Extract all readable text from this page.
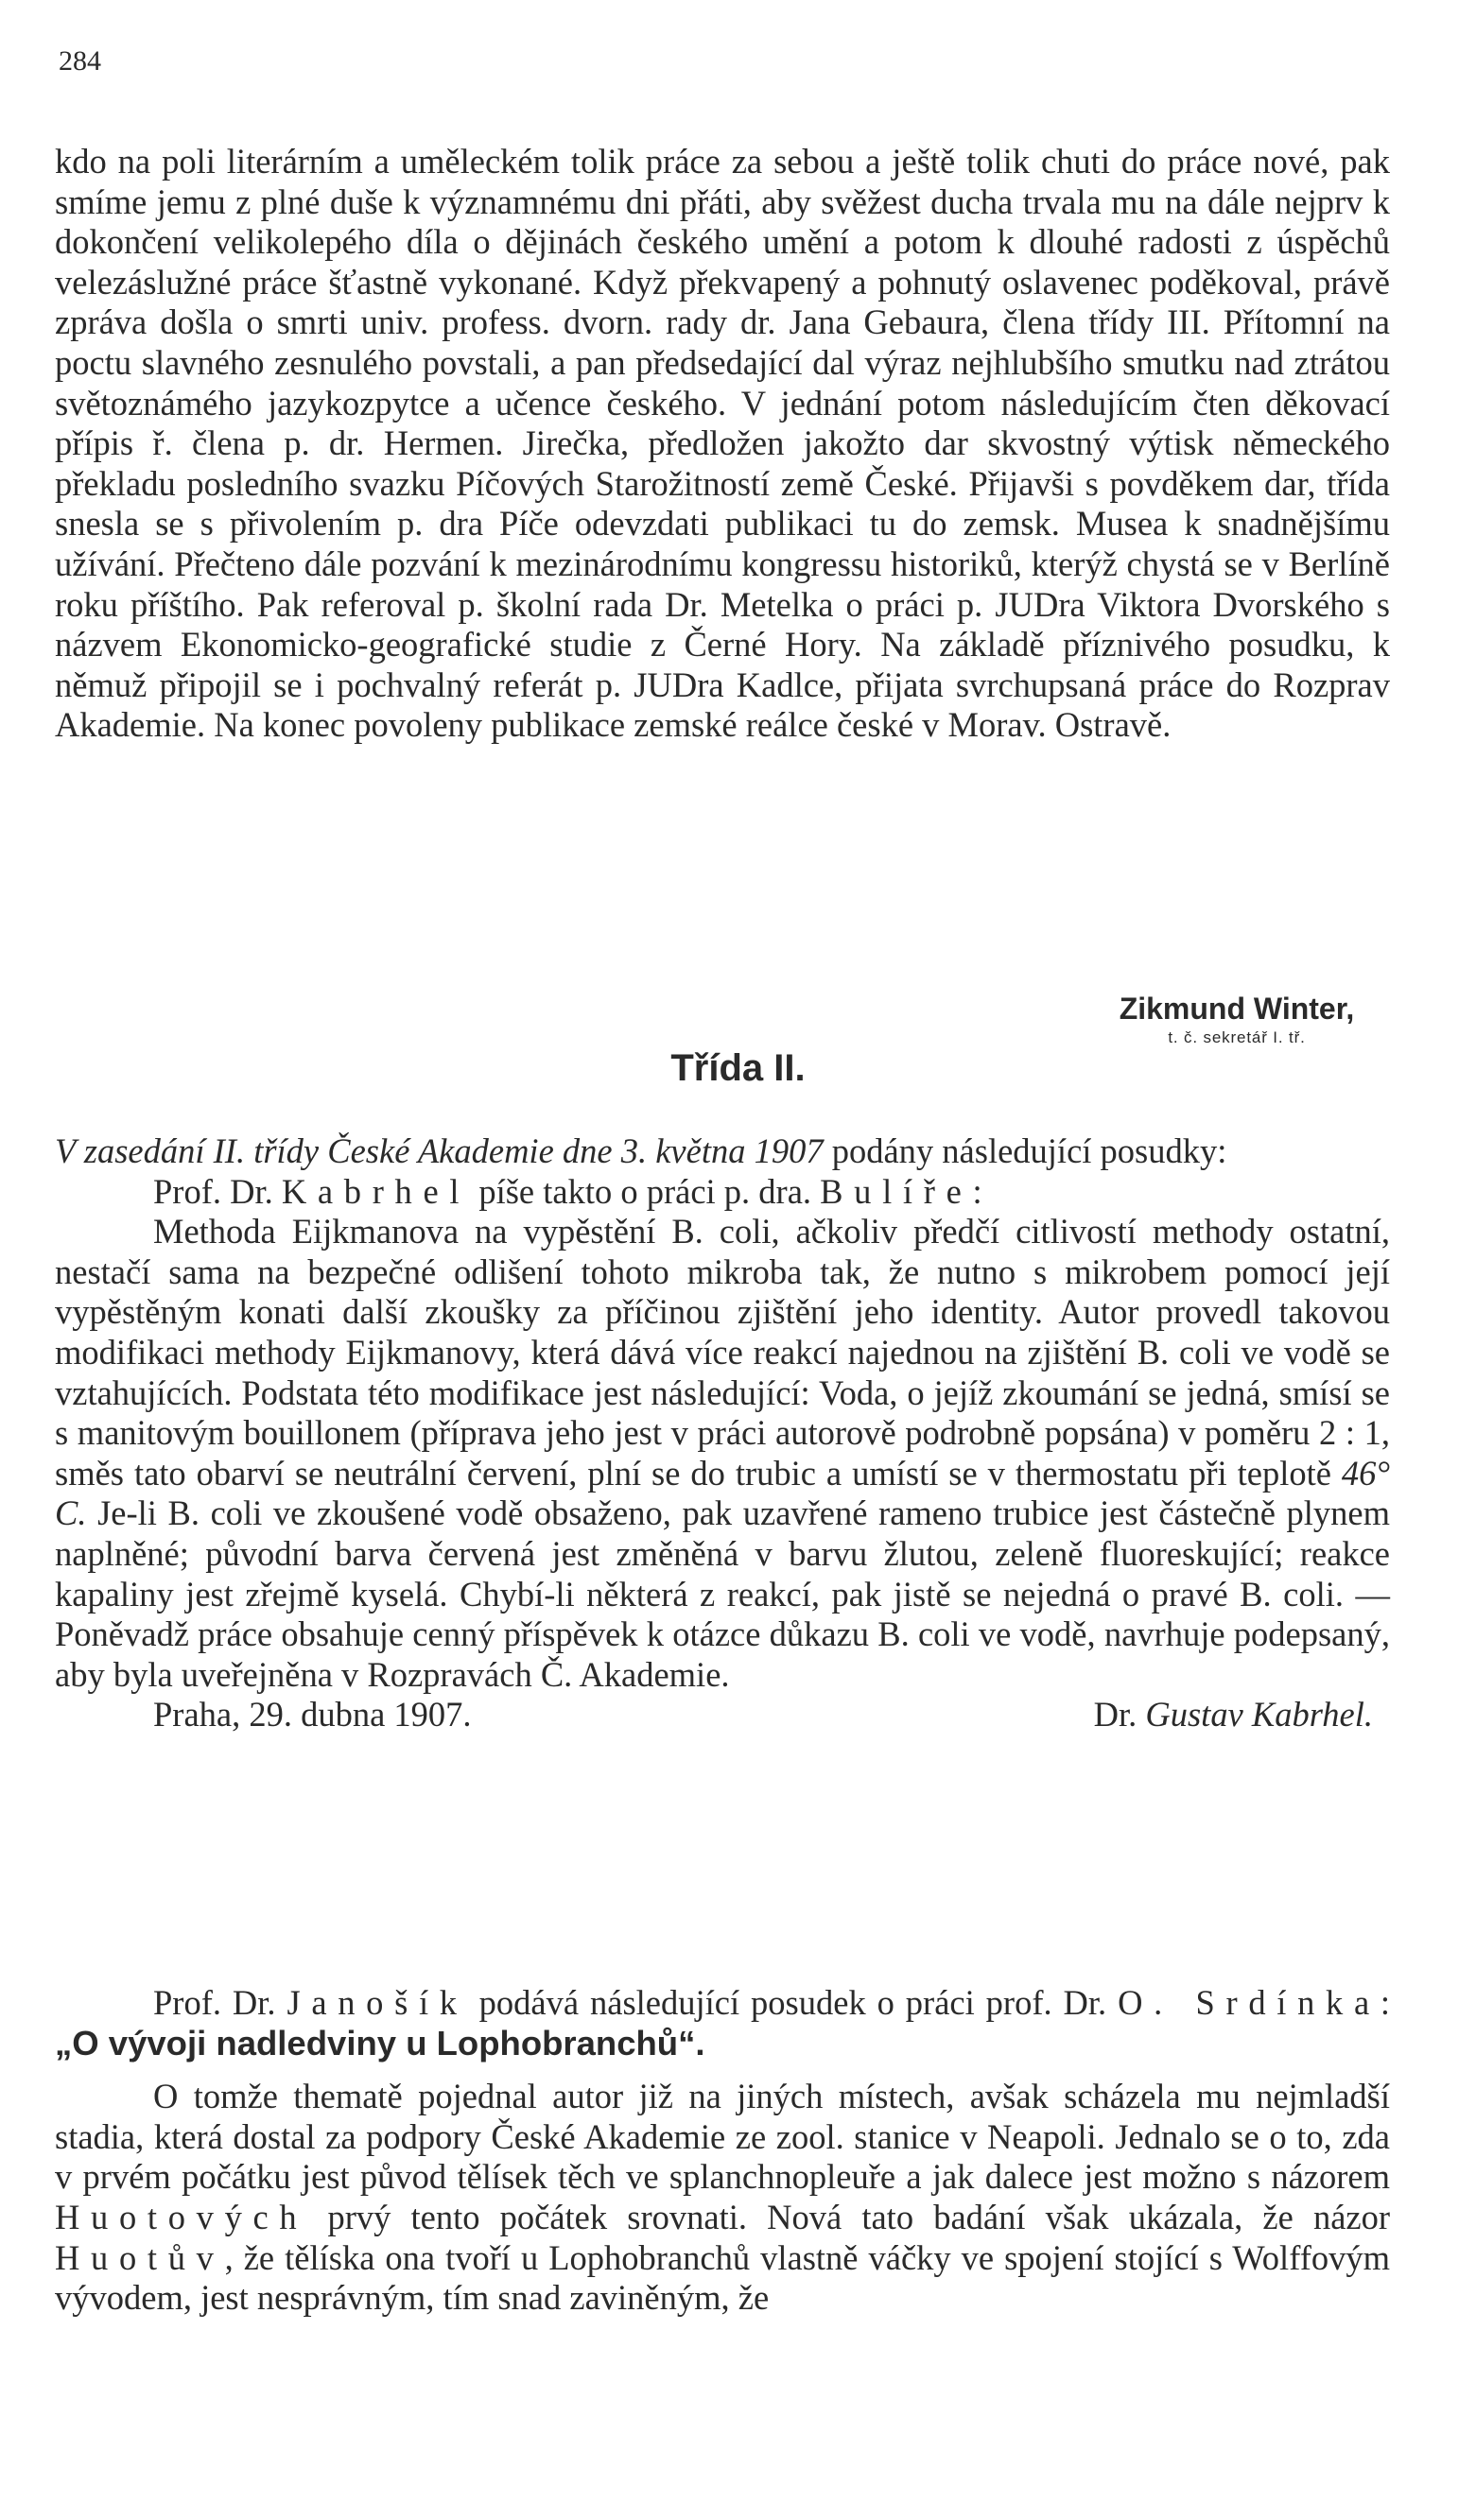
284

kdo na poli literárním a uměleckém tolik práce za sebou a ještě tolik chuti do práce nové, pak smíme jemu z plné duše k významnému dni přáti, aby svěžest ducha trvala mu na dále nejprv k dokončení velikolepého díla o dějinách českého umění a potom k dlouhé radosti z úspěchů velezáslužné práce šťastně vykonané. Když překvapený a pohnutý oslavenec poděkoval, právě zpráva došla o smrti univ. profess. dvorn. rady dr. Jana Gebaura, člena třídy III. Přítomní na poctu slavného zesnulého povstali, a pan předsedající dal výraz nejhlubšího smutku nad ztrátou světoznámého jazykozpytce a učence českého. V jednání potom následujícím čten děkovací přípis ř. člena p. dr. Hermen. Jirečka, předložen jakožto dar skvostný výtisk německého překladu posledního svazku Píčových Starožitností země České. Přijavši s povděkem dar, třída snesla se s přivolením p. dra Píče odevzdati publikaci tu do zemsk. Musea k snadnějšímu užívání. Přečteno dále pozvání k mezinárodnímu kongressu historiků, kterýž chystá se v Berlíně roku příštího. Pak referoval p. školní rada Dr. Metelka o práci p. JUDra Viktora Dvorského s názvem Ekonomicko-geografické studie z Černé Hory. Na základě příznivého posudku, k němuž připojil se i pochvalný referát p. JUDra Kadlce, přijata svrchupsaná práce do Rozprav Akademie. Na konec povoleny publikace zemské reálce české v Morav. Ostravě.

Zikmund Winter,
t. č. sekretář I. tř.
Třída II.

V zasedání II. třídy České Akademie dne 3. května 1907 podány následující posudky:

Prof. Dr. Kabrhel píše takto o práci p. dra. Bulíře:

Methoda Eijkmanova na vypěstění B. coli, ačkoliv předčí citlivostí methody ostatní, nestačí sama na bezpečné odlišení tohoto mikroba tak, že nutno s mikrobem pomocí její vypěstěným konati další zkoušky za příčinou zjištění jeho identity. Autor provedl takovou modifikaci methody Eijkmanovy, která dává více reakcí najednou na zjištění B. coli ve vodě se vztahujících. Podstata této modifikace jest následující: Voda, o jejíž zkoumání se jedná, smísí se s manitovým bouillonem (příprava jeho jest v práci autorově podrobně popsána) v poměru 2 : 1, směs tato obarví se neutrální červení, plní se do trubic a umístí se v thermostatu při teplotě 46° C. Je-li B. coli ve zkoušené vodě obsaženo, pak uzavřené rameno trubice jest částečně plynem naplněné; původní barva červená jest změněná v barvu žlutou, zeleně fluoreskující; reakce kapaliny jest zřejmě kyselá. Chybí-li některá z reakcí, pak jistě se nejedná o pravé B. coli. — Poněvadž práce obsahuje cenný příspěvek k otázce důkazu B. coli ve vodě, navrhuje podepsaný, aby byla uveřejněna v Rozpravách Č. Akademie.

Praha, 29. dubna 1907.	Dr. Gustav Kabrhel.

Prof. Dr. Janošík podává následující posudek o práci prof. Dr. O. Srdínka: „O vývoji nadledviny u Lophobranchů“.

O tomže thematě pojednal autor již na jiných místech, avšak scházela mu nejmladší stadia, která dostal za podpory České Akademie ze zool. stanice v Neapoli. Jednalo se o to, zda v prvém počátku jest původ tělísek těch ve splanchnopleuře a jak dalece jest možno s názorem Huotových prvý tento počátek srovnati. Nová tato badání však ukázala, že názor Huotův, že tělíska ona tvoří u Lophobranchů vlastně váčky ve spojení stojící s Wolffovým vývodem, jest nesprávným, tím snad zaviněným, že
